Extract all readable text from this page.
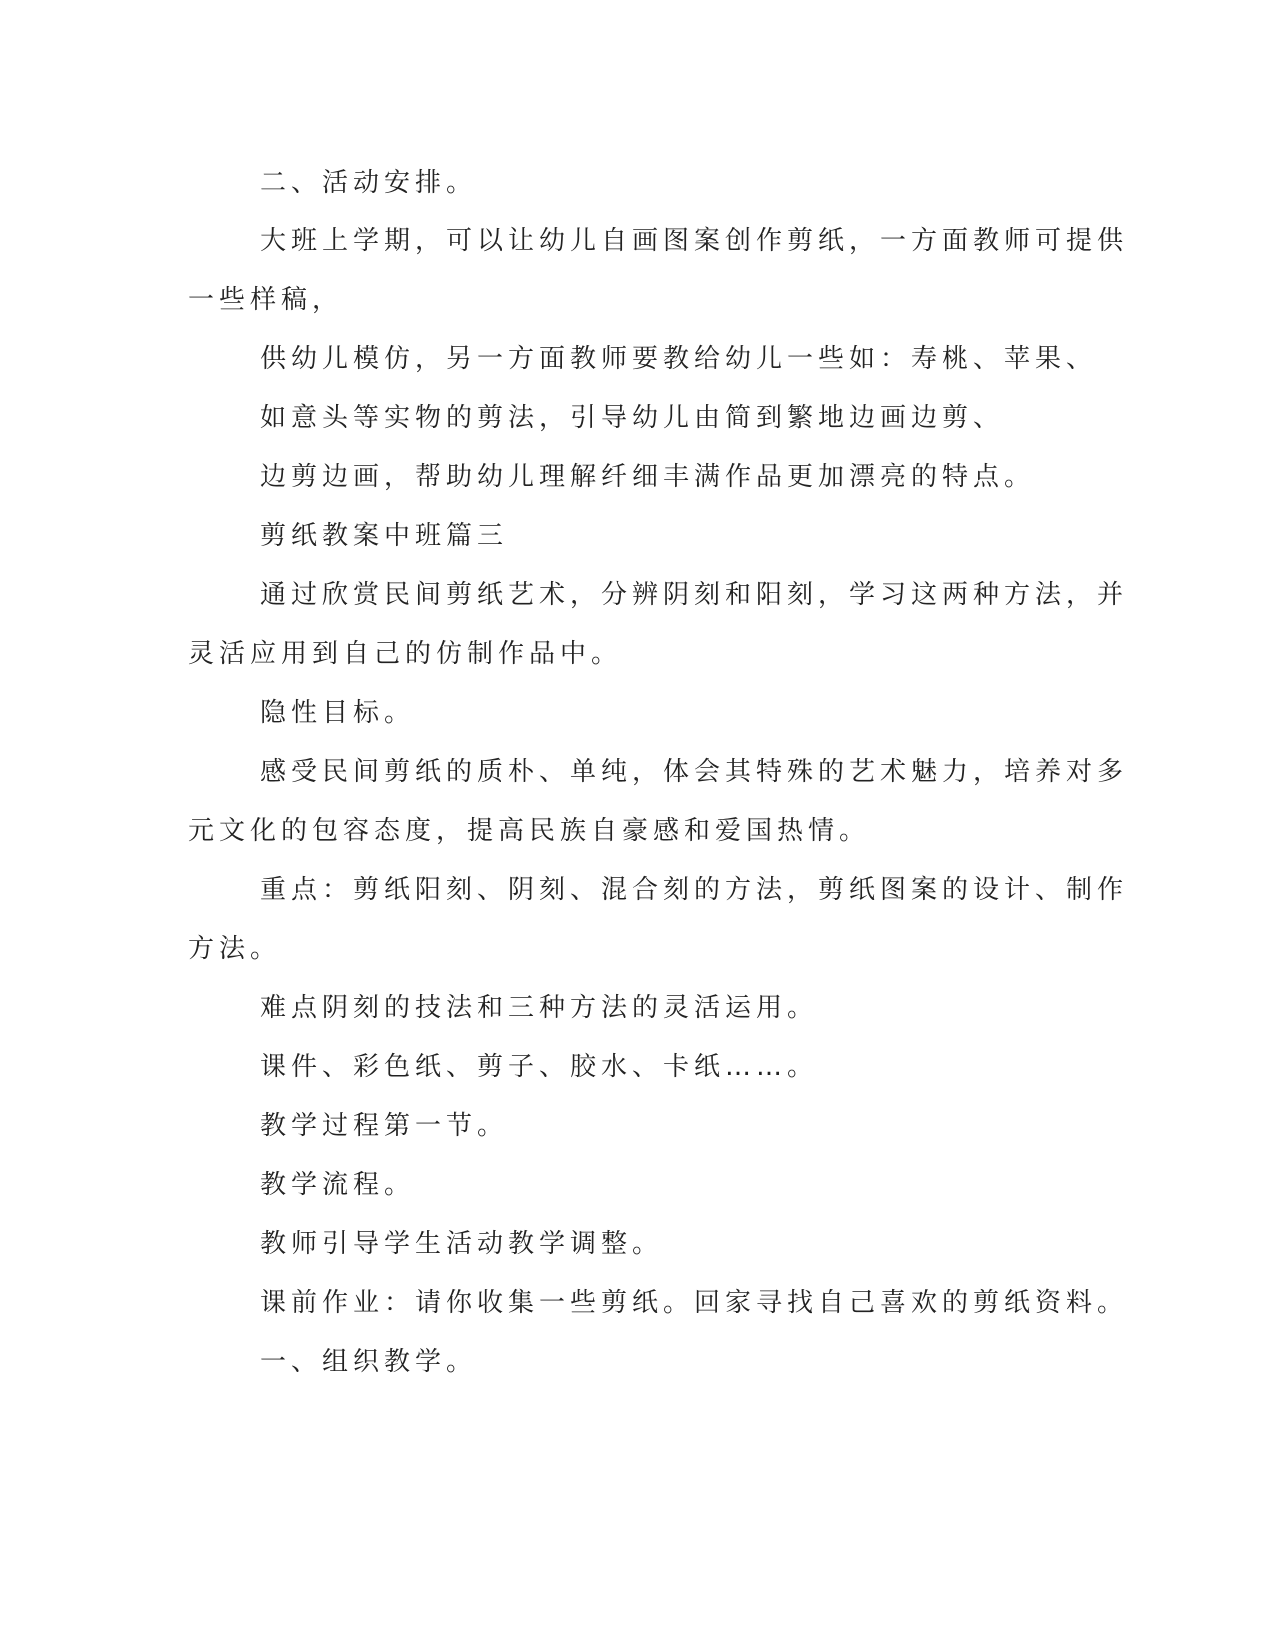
二、活动安排。
大班上学期，可以让幼儿自画图案创作剪纸，一方面教师可提供
一些样稿，
供幼儿模仿，另一方面教师要教给幼儿一些如：寿桃、苹果、
如意头等实物的剪法，引导幼儿由简到繁地边画边剪、
边剪边画，帮助幼儿理解纤细丰满作品更加漂亮的特点。
剪纸教案中班篇三
通过欣赏民间剪纸艺术，分辨阴刻和阳刻，学习这两种方法，并
灵活应用到自己的仿制作品中。
隐性目标。
感受民间剪纸的质朴、单纯，体会其特殊的艺术魅力，培养对多
元文化的包容态度，提高民族自豪感和爱国热情。
重点：剪纸阳刻、阴刻、混合刻的方法，剪纸图案的设计、制作
方法。
难点阴刻的技法和三种方法的灵活运用。
课件、彩色纸、剪子、胶水、卡纸……。
教学过程第一节。
教学流程。
教师引导学生活动教学调整。
课前作业：请你收集一些剪纸。回家寻找自己喜欢的剪纸资料。
一、组织教学。
